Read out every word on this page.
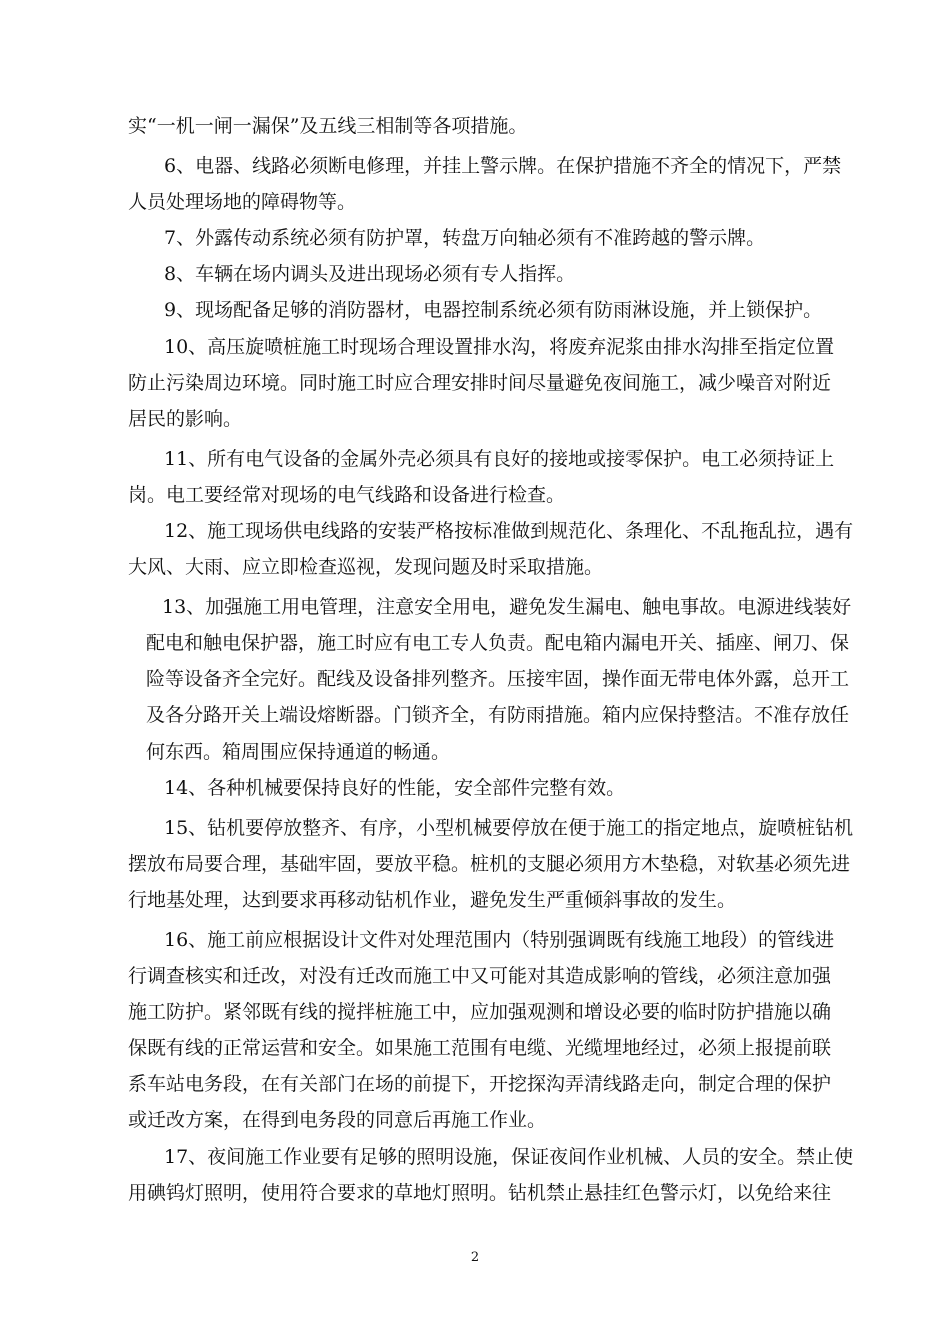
实“一机一闸一漏保”及五线三相制等各项措施。
6、电器、线路必须断电修理，并挂上警示牌。在保护措施不齐全的情况下，严禁
人员处理场地的障碍物等。
7、外露传动系统必须有防护罩，转盘万向轴必须有不准跨越的警示牌。
8、车辆在场内调头及进出现场必须有专人指挥。
9、现场配备足够的消防器材，电器控制系统必须有防雨淋设施，并上锁保护。
10、高压旋喷桩施工时现场合理设置排水沟，将废弃泥浆由排水沟排至指定位置
防止污染周边环境。同时施工时应合理安排时间尽量避免夜间施工，减少噪音对附近
居民的影响。
11、所有电气设备的金属外壳必须具有良好的接地或接零保护。电工必须持证上
岗。电工要经常对现场的电气线路和设备进行检查。
12、施工现场供电线路的安装严格按标准做到规范化、条理化、不乱拖乱拉，遇有
大风、大雨、应立即检查巡视，发现问题及时采取措施。
13、加强施工用电管理，注意安全用电，避免发生漏电、触电事故。电源进线装好
配电和触电保护器，施工时应有电工专人负责。配电箱内漏电开关、插座、闸刀、保
险等设备齐全完好。配线及设备排列整齐。压接牢固，操作面无带电体外露，总开工
及各分路开关上端设熔断器。门锁齐全，有防雨措施。箱内应保持整洁。不准存放任
何东西。箱周围应保持通道的畅通。
14、各种机械要保持良好的性能，安全部件完整有效。
15、钻机要停放整齐、有序，小型机械要停放在便于施工的指定地点，旋喷桩钻机
摆放布局要合理，基础牢固，要放平稳。桩机的支腿必须用方木垫稳，对软基必须先进
行地基处理，达到要求再移动钻机作业，避免发生严重倾斜事故的发生。
16、施工前应根据设计文件对处理范围内（特别强调既有线施工地段）的管线进
行调查核实和迁改，对没有迁改而施工中又可能对其造成影响的管线，必须注意加强
施工防护。紧邻既有线的搅拌桩施工中，应加强观测和增设必要的临时防护措施以确
保既有线的正常运营和安全。如果施工范围有电缆、光缆埋地经过，必须上报提前联
系车站电务段，在有关部门在场的前提下，开挖探沟弄清线路走向，制定合理的保护
或迁改方案，在得到电务段的同意后再施工作业。
17、夜间施工作业要有足够的照明设施，保证夜间作业机械、人员的安全。禁止使
用碘钨灯照明，使用符合要求的草地灯照明。钻机禁止悬挂红色警示灯，以免给来往
2
